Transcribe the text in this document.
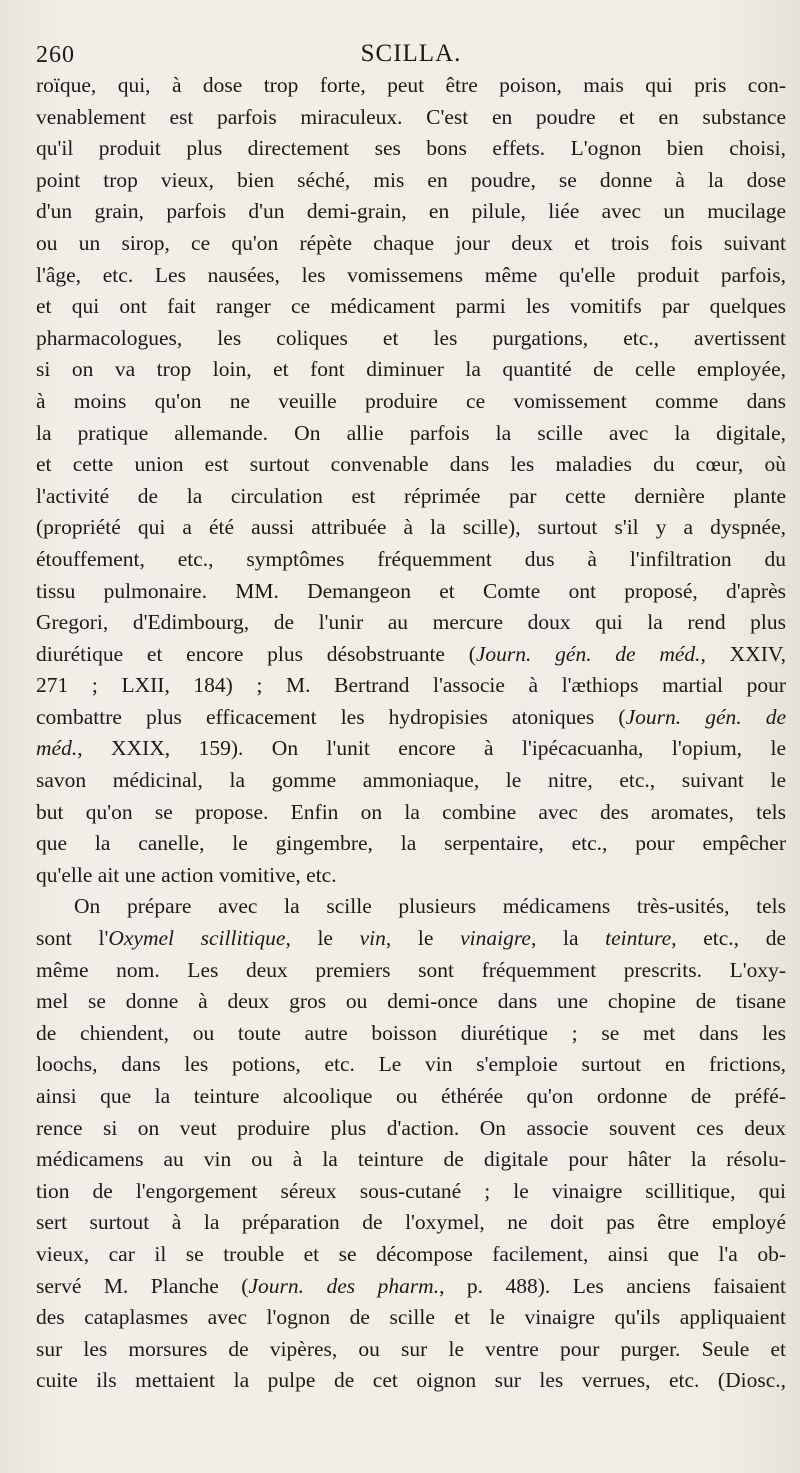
260	SCILLA.
roïque, qui, à dose trop forte, peut être poison, mais qui pris con-
venablement est parfois miraculeux. C'est en poudre et en substance
qu'il produit plus directement ses bons effets. L'ognon bien choisi,
point trop vieux, bien séché, mis en poudre, se donne à la dose
d'un grain, parfois d'un demi-grain, en pilule, liée avec un mucilage
ou un sirop, ce qu'on répète chaque jour deux et trois fois suivant
l'âge, etc. Les nausées, les vomissemens même qu'elle produit parfois,
et qui ont fait ranger ce médicament parmi les vomitifs par quelques
pharmacologues, les coliques et les purgations, etc., avertissent
si on va trop loin, et font diminuer la quantité de celle employée,
à moins qu'on ne veuille produire ce vomissement comme dans
la pratique allemande. On allie parfois la scille avec la digitale,
et cette union est surtout convenable dans les maladies du cœur, où
l'activité de la circulation est réprimée par cette dernière plante
(propriété qui a été aussi attribuée à la scille), surtout s'il y a dyspnée,
étouffement, etc., symptômes fréquemment dus à l'infiltration du
tissu pulmonaire. MM. Demangeon et Comte ont proposé, d'après
Gregori, d'Edimbourg, de l'unir au mercure doux qui la rend plus
diurétique et encore plus désobstruante (Journ. gén. de méd., XXIV,
271 ; LXII, 184) ; M. Bertrand l'associe à l'æthiops martial pour
combattre plus efficacement les hydropisies atoniques (Journ. gén. de
méd., XXIX, 159). On l'unit encore à l'ipécacuanha, l'opium, le
savon médicinal, la gomme ammoniaque, le nitre, etc., suivant le
but qu'on se propose. Enfin on la combine avec des aromates, tels
que la canelle, le gingembre, la serpentaire, etc., pour empêcher
qu'elle ait une action vomitive, etc.
On prépare avec la scille plusieurs médicamens très-usités, tels
sont l'Oxymel scillitique, le vin, le vinaigre, la teinture, etc., de
même nom. Les deux premiers sont fréquemment prescrits. L'oxy-
mel se donne à deux gros ou demi-once dans une chopine de tisane
de chiendent, ou toute autre boisson diurétique ; se met dans les
loochs, dans les potions, etc. Le vin s'emploie surtout en frictions,
ainsi que la teinture alcoolique ou éthérée qu'on ordonne de préfé-
rence si on veut produire plus d'action. On associe souvent ces deux
médicamens au vin ou à la teinture de digitale pour hâter la résolu-
tion de l'engorgement séreux sous-cutané ; le vinaigre scillitique, qui
sert surtout à la préparation de l'oxymel, ne doit pas être employé
vieux, car il se trouble et se décompose facilement, ainsi que l'a ob-
servé M. Planche (Journ. des pharm., p. 488). Les anciens faisaient
des cataplasmes avec l'ognon de scille et le vinaigre qu'ils appliquaient
sur les morsures de vipères, ou sur le ventre pour purger. Seule et
cuite ils mettaient la pulpe de cet oignon sur les verrues, etc. (Diosc.,
